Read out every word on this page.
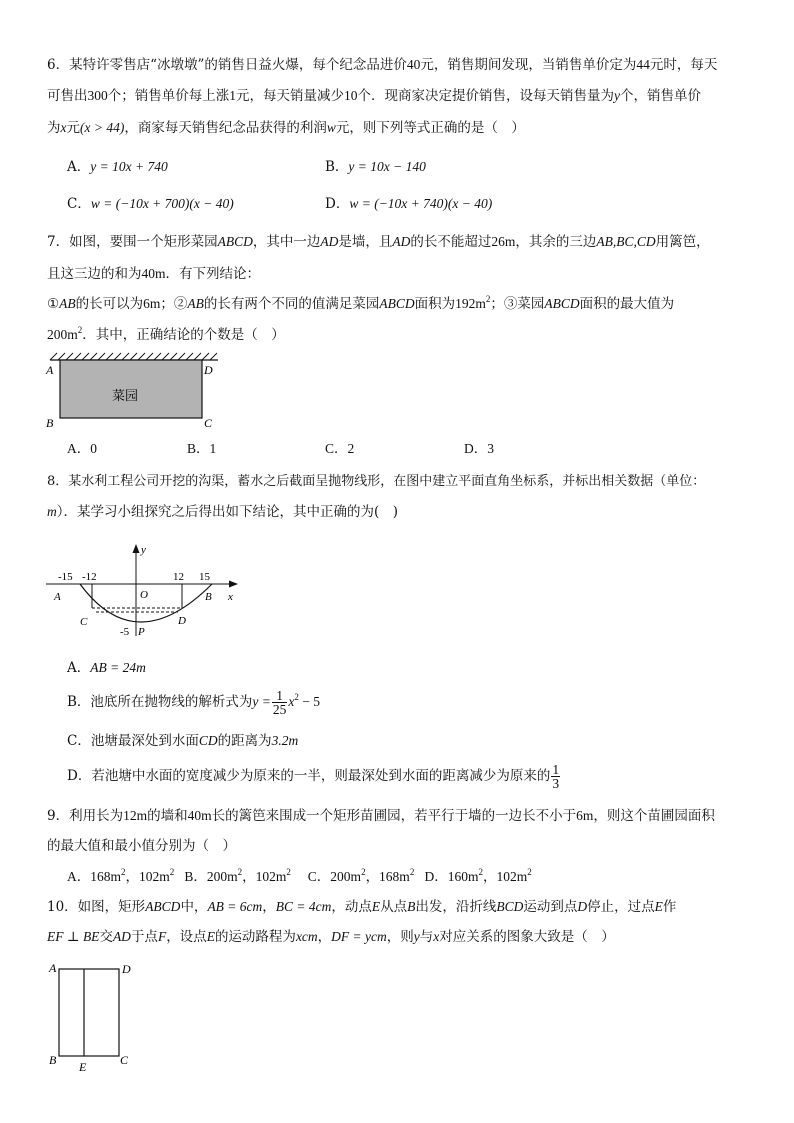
6．某特许零售店“冰墩墩”的销售日益火爆，每个纪念品进价40元，销售期间发现，当销售单价定为44元时，每天
可售出300个；销售单价每上涨1元，每天销量减少10个．现商家决定提价销售，设每天销售量为y个，销售单价
为x元(x > 44)，商家每天销售纪念品获得的利润w元，则下列等式正确的是（　）
A．y = 10x + 740	B．y = 10x − 140
C．w = (−10x + 700)(x − 40)	D．w = (−10x + 740)(x − 40)
7．如图，要围一个矩形菜园ABCD，其中一边AD是墙，且AD的长不能超过26m，其余的三边AB,BC,CD用篱笆，
且这三边的和为40m．有下列结论：
①AB的长可以为6m；②AB的长有两个不同的值满足菜园ABCD面积为$192m^2$；③菜园ABCD面积的最大值为
$200m^2$．其中，正确结论的个数是（　）
A	D
B	C
菜园
A．0	B．1	C．2	D．3
8．某水利工程公司开挖的沟渠，蓄水之后截面呈抛物线形，在图中建立平面直角坐标系，并标出相关数据（单位：
m）．某学习小组探究之后得出如下结论，其中正确的为(　)
y
x
-15 -12	12 15
A	B
O
C	D
-5 P
A．AB = 24m
B．池底所在抛物线的解析式为$y = \frac{1}{25} x^2 - 5$
C．池塘最深处到水面CD的距离为3.2m
D．若池塘中水面的宽度减少为原来的一半，则最深处到水面的距离减少为原来的 $\frac{1}{3}$
9．利用长为12m的墙和40m长的篱笆来围成一个矩形苗圃园，若平行于墙的一边长不小于6m，则这个苗圃园面积
的最大值和最小值分别为（　）
A．$168m^2$，$102m^2$ B．$200m^2$，$102m^2$ C．$200m^2$，$168m^2$ D．$160m^2$，$102m^2$
10．如图，矩形ABCD中，AB = 6cm，BC = 4cm，动点E从点B出发，沿折线BCD运动到点D停止，过点E作
EF ⊥ BE交AD于点F，设点E的运动路程为xcm，DF = ycm，则y与x对应关系的图象大致是（　）
A	D
B	C
E
